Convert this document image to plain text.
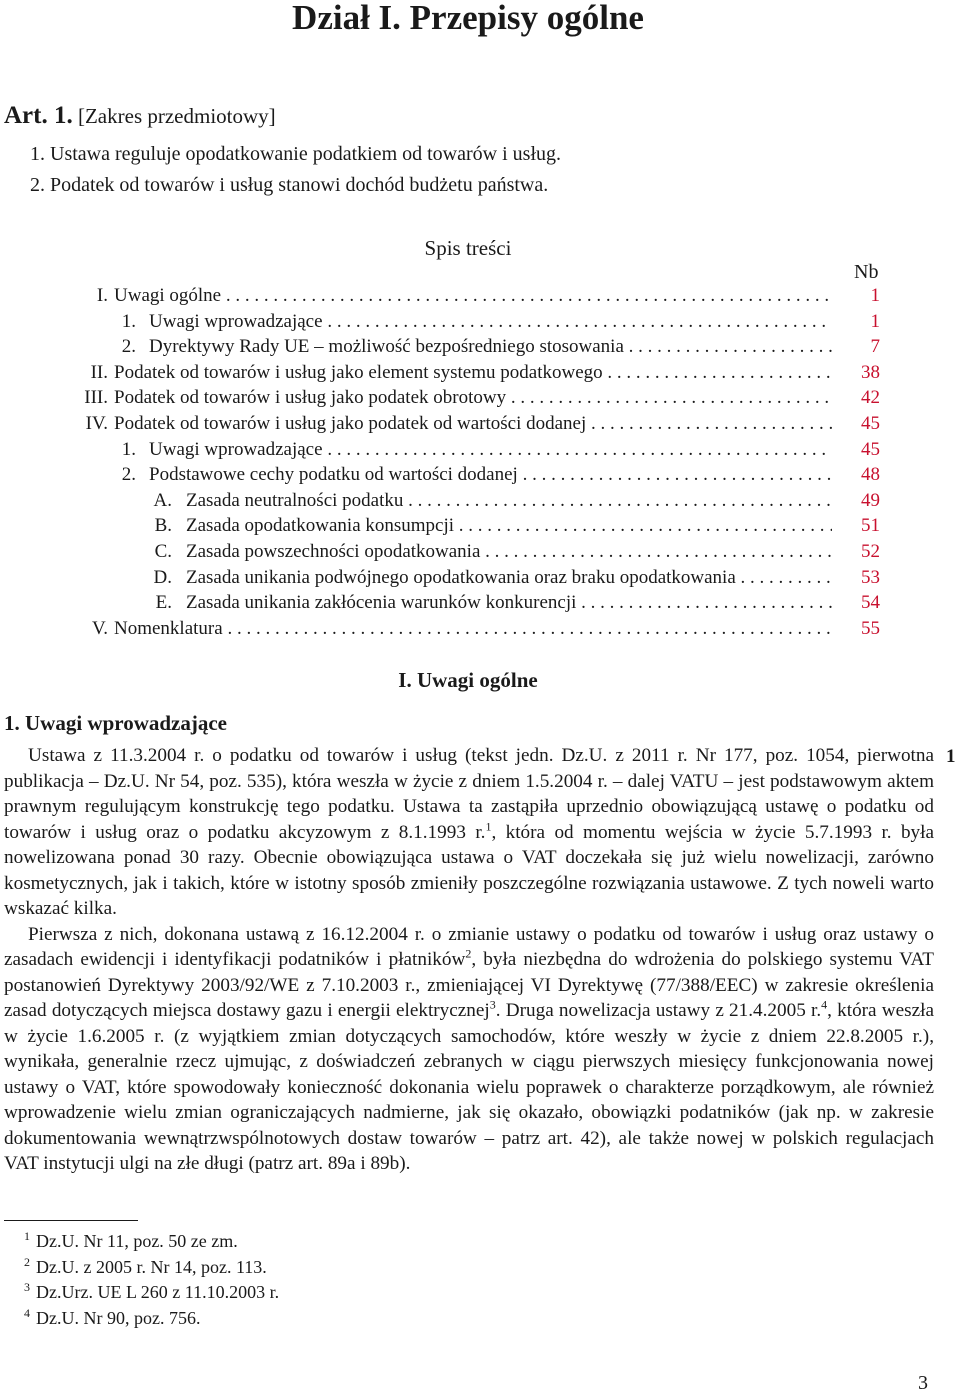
Dział I. Przepisy ogólne
Art. 1. [Zakres przedmiotowy]
1. Ustawa reguluje opodatkowanie podatkiem od towarów i usług.
2. Podatek od towarów i usług stanowi dochód budżetu państwa.
Spis treści
Nb
I. Uwagi ogólne . . .	1
1. Uwagi wprowadzające . . .	1
2. Dyrektywy Rady UE – możliwość bezpośredniego stosowania . . .	7
II. Podatek od towarów i usług jako element systemu podatkowego . . .	38
III. Podatek od towarów i usług jako podatek obrotowy . . .	42
IV. Podatek od towarów i usług jako podatek od wartości dodanej . . .	45
1. Uwagi wprowadzające . . .	45
2. Podstawowe cechy podatku od wartości dodanej . . .	48
A. Zasada neutralności podatku . . .	49
B. Zasada opodatkowania konsumpcji . . .	51
C. Zasada powszechności opodatkowania . . .	52
D. Zasada unikania podwójnego opodatkowania oraz braku opodatkowania . . .	53
E. Zasada unikania zakłócenia warunków konkurencji . . .	54
V. Nomenklatura . . .	55
I. Uwagi ogólne
1. Uwagi wprowadzające
1

Ustawa z 11.3.2004 r. o podatku od towarów i usług (tekst jedn. Dz.U. z 2011 r. Nr 177, poz. 1054, pierwotna publikacja – Dz.U. Nr 54, poz. 535), która weszła w życie z dniem 1.5.2004 r. – dalej VATU – jest podstawowym aktem prawnym regulującym konstrukcję tego podatku. Ustawa ta zastąpiła uprzednio obowiązującą ustawę o podatku od towarów i usług oraz o podatku akcyzowym z 8.1.1993 r.$^1$, która od momentu wejścia w życie 5.7.1993 r. była nowelizowana ponad 30 razy. Obecnie obowiązująca ustawa o VAT doczekała się już wielu nowelizacji, zarówno kosmetycznych, jak i takich, które w istotny sposób zmieniły poszczególne rozwiązania ustawowe. Z tych noweli warto wskazać kilka.

Pierwsza z nich, dokonana ustawą z 16.12.2004 r. o zmianie ustawy o podatku od towarów i usług oraz ustawy o zasadach ewidencji i identyfikacji podatników i płatników$^2$, była niezbędna do wdrożenia do polskiego systemu VAT postanowień Dyrektywy 2003/92/WE z 7.10.2003 r., zmieniającej VI Dyrektywę (77/388/EEC) w zakresie określenia zasad dotyczących miejsca dostawy gazu i energii elektrycznej$^3$. Druga nowelizacja ustawy z 21.4.2005 r.$^4$, która weszła w życie 1.6.2005 r. (z wyjątkiem zmian dotyczących samochodów, które weszły w życie z dniem 22.8.2005 r.), wynikała, generalnie rzecz ujmując, z doświadczeń zebranych w ciągu pierwszych miesięcy funkcjonowania nowej ustawy o VAT, które spowodowały konieczność dokonania wielu poprawek o charakterze porządkowym, ale również wprowadzenie wielu zmian ograniczających nadmierne, jak się okazało, obowiązki podatników (jak np. w zakresie dokumentowania wewnątrzwspólnotowych dostaw towarów – patrz art. 42), ale także nowej w polskich regulacjach VAT instytucji ulgi na złe długi (patrz art. 89a i 89b).

$^1$ Dz.U. Nr 11, poz. 50 ze zm.
$^2$ Dz.U. z 2005 r. Nr 14, poz. 113.
$^3$ Dz.Urz. UE L 260 z 11.10.2003 r.
$^4$ Dz.U. Nr 90, poz. 756.
3
